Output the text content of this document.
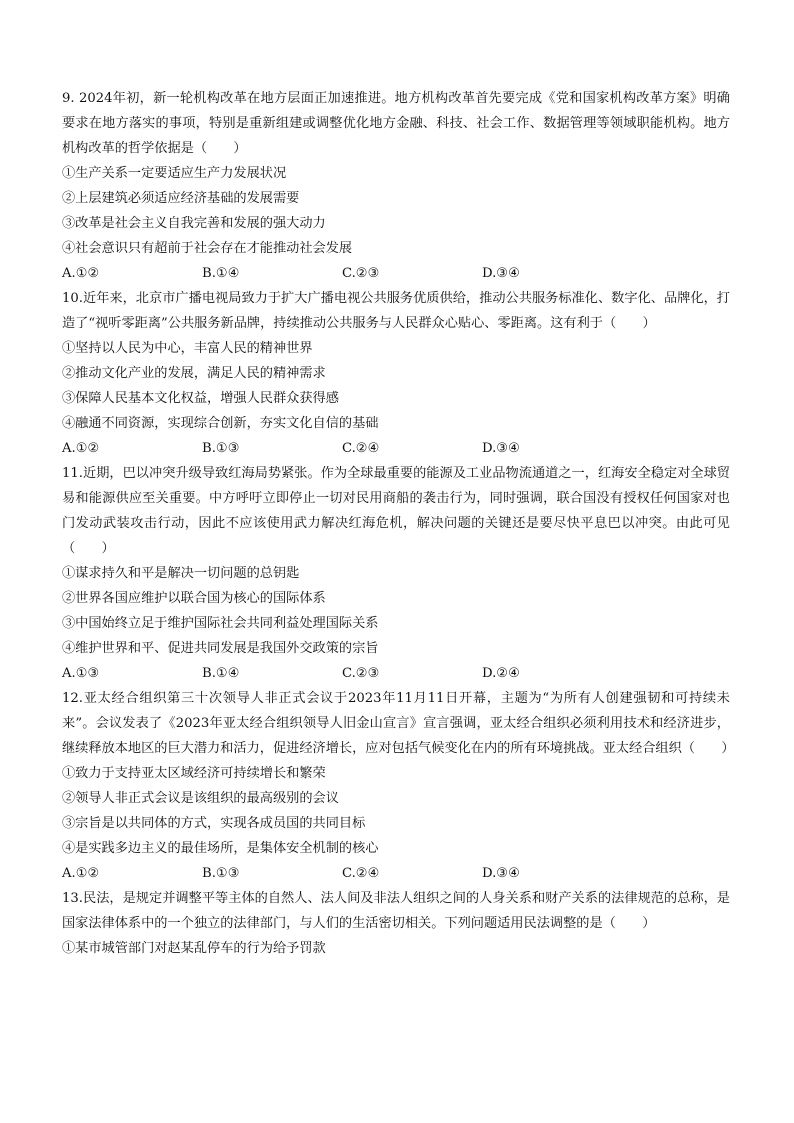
9. 2024年初，新一轮机构改革在地方层面正加速推进。地方机构改革首先要完成《党和国家机构改革方案》明确要求在地方落实的事项，特别是重新组建或调整优化地方金融、科技、社会工作、数据管理等领域职能机构。地方机构改革的哲学依据是（　　）

①生产关系一定要适应生产力发展状况

②上层建筑必须适应经济基础的发展需要

③改革是社会主义自我完善和发展的强大动力

④社会意识只有超前于社会存在才能推动社会发展

A.①②	B.①④	C.②③	D.③④

10.近年来，北京市广播电视局致力于扩大广播电视公共服务优质供给，推动公共服务标准化、数字化、品牌化，打造了“视听零距离”公共服务新品牌，持续推动公共服务与人民群众心贴心、零距离。这有利于（　　）

①坚持以人民为中心，丰富人民的精神世界

②推动文化产业的发展，满足人民的精神需求

③保障人民基本文化权益，增强人民群众获得感

④融通不同资源，实现综合创新，夯实文化自信的基础

A.①②	B.①③	C.②④	D.③④

11.近期，巴以冲突升级导致红海局势紧张。作为全球最重要的能源及工业品物流通道之一，红海安全稳定对全球贸易和能源供应至关重要。中方呼吁立即停止一切对民用商船的袭击行为，同时强调，联合国没有授权任何国家对也门发动武装攻击行动，因此不应该使用武力解决红海危机，解决问题的关键还是要尽快平息巴以冲突。由此可见（　　）

①谋求持久和平是解决一切问题的总钥匙

②世界各国应维护以联合国为核心的国际体系

③中国始终立足于维护国际社会共同利益处理国际关系

④维护世界和平、促进共同发展是我国外交政策的宗旨

A.①③	B.①④	C.②③	D.②④

12.亚太经合组织第三十次领导人非正式会议于2023年11月11日开幕，主题为“为所有人创建强韧和可持续未来”。会议发表了《2023年亚太经合组织领导人旧金山宣言》宣言强调，亚太经合组织必须利用技术和经济进步，继续释放本地区的巨大潜力和活力，促进经济增长，应对包括气候变化在内的所有环境挑战。亚太经合组织（　　）

①致力于支持亚太区域经济可持续增长和繁荣

②领导人非正式会议是该组织的最高级别的会议

③宗旨是以共同体的方式，实现各成员国的共同目标

④是实践多边主义的最佳场所，是集体安全机制的核心

A.①②	B.①③	C.②④	D.③④

13.民法，是规定并调整平等主体的自然人、法人间及非法人组织之间的人身关系和财产关系的法律规范的总称，是国家法律体系中的一个独立的法律部门，与人们的生活密切相关。下列问题适用民法调整的是（　　）

①某市城管部门对赵某乱停车的行为给予罚款
